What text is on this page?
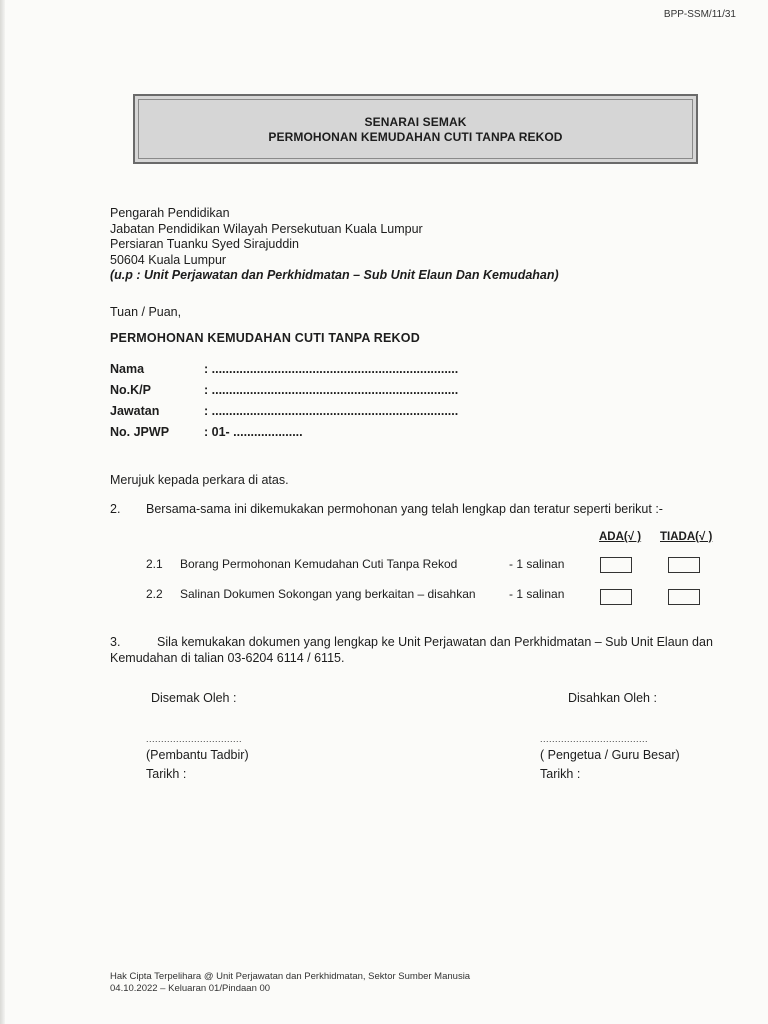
BPP-SSM/11/31
SENARAI SEMAK
PERMOHONAN KEMUDAHAN CUTI TANPA REKOD
Pengarah Pendidikan
Jabatan Pendidikan Wilayah Persekutuan Kuala Lumpur
Persiaran Tuanku Syed Sirajuddin
50604 Kuala Lumpur
(u.p : Unit Perjawatan dan Perkhidmatan – Sub Unit Elaun Dan Kemudahan)
Tuan / Puan,
PERMOHONAN KEMUDAHAN CUTI TANPA REKOD
Nama	: .......................................................................
No.K/P	: .......................................................................
Jawatan	: .......................................................................
No. JPWP	: 01- ....................
Merujuk kepada perkara di atas.
2. Bersama-sama ini dikemukakan permohonan yang telah lengkap dan teratur seperti berikut :-
ADA(√ ) TIADA(√ )
2.1 Borang Permohonan Kemudahan Cuti Tanpa Rekod	- 1 salinan
2.2 Salinan Dokumen Sokongan yang berkaitan – disahkan	- 1 salinan
3.	Sila kemukakan dokumen yang lengkap ke Unit Perjawatan dan Perkhidmatan – Sub Unit Elaun dan Kemudahan di talian 03-6204 6114 / 6115.
Disemak Oleh :
................................
(Pembantu Tadbir)
Tarikh :
Disahkan Oleh :
....................................
( Pengetua / Guru Besar)
Tarikh :
Hak Cipta Terpelihara @ Unit Perjawatan dan Perkhidmatan, Sektor Sumber Manusia
04.10.2022 – Keluaran 01/Pindaan 00
